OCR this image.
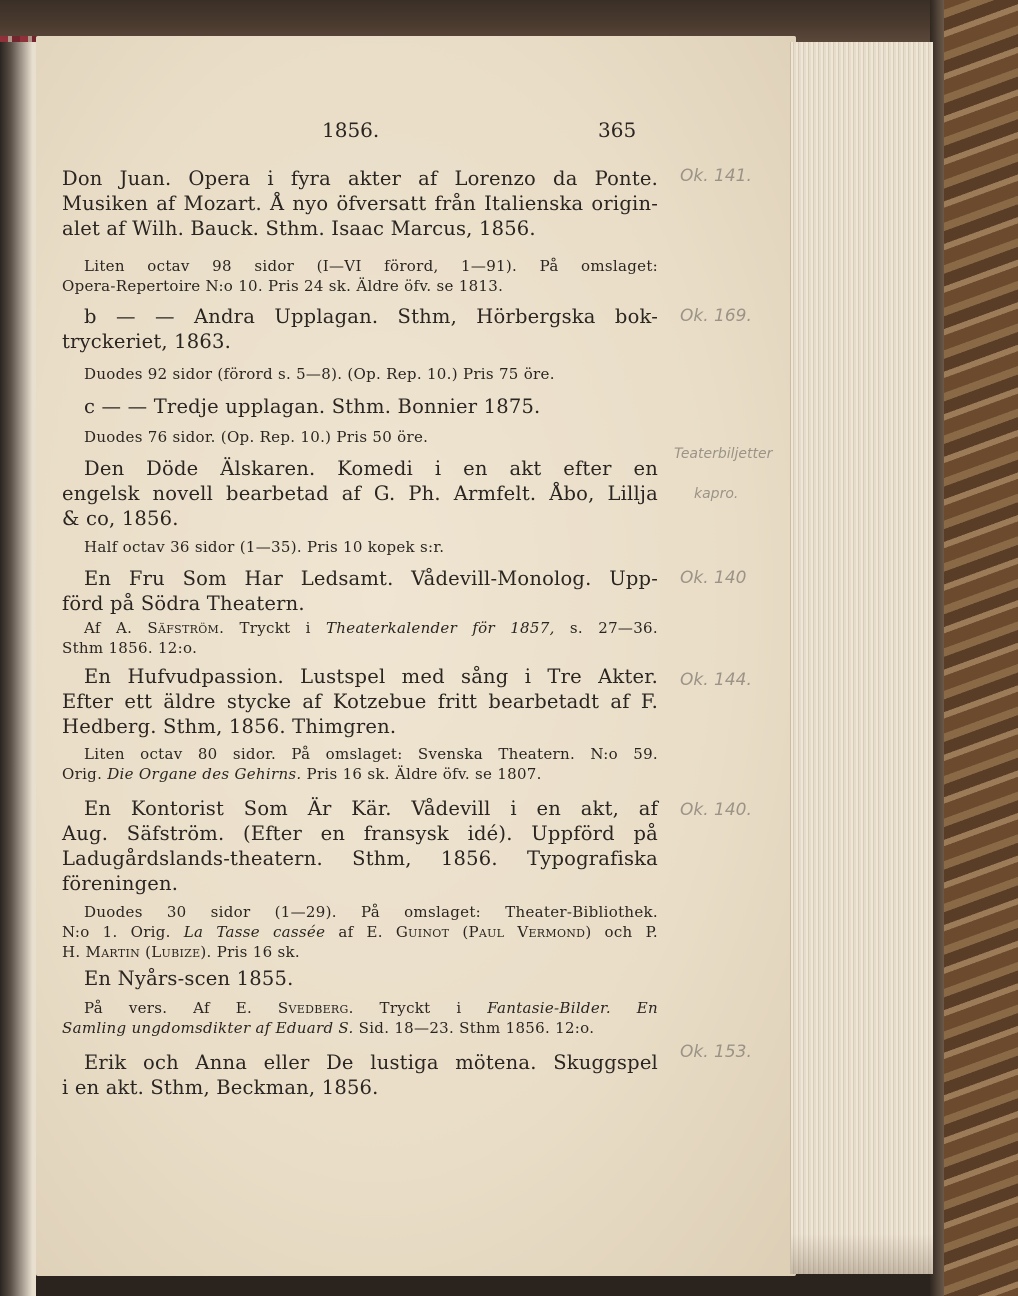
1856.	365
Don Juan. Opera i fyra akter af Lorenzo da Ponte.
Musiken af Mozart. Å nyo öfversatt från Italienska origin-
alet af Wilh. Bauck. Sthm. Isaac Marcus, 1856.
Liten octav 98 sidor (I—VI förord, 1—91). På omslaget:
Opera-Repertoire N:o 10. Pris 24 sk. Äldre öfv. se 1813.
b — — Andra Upplagan. Sthm, Hörbergska bok-
tryckeriet, 1863.
Duodes 92 sidor (förord s. 5—8). (Op. Rep. 10.) Pris 75 öre.
c — — Tredje upplagan. Sthm. Bonnier 1875.
Duodes 76 sidor. (Op. Rep. 10.) Pris 50 öre.
Den Döde Älskaren. Komedi i en akt efter en
engelsk novell bearbetad af G. Ph. Armfelt. Åbo, Lillja
& co, 1856.
Half octav 36 sidor (1—35). Pris 10 kopek s:r.
En Fru Som Har Ledsamt. Vådevill-Monolog. Upp-
förd på Södra Theatern.
Af A. Säfström. Tryckt i Theaterkalender för 1857, s. 27—36.
Sthm 1856. 12:o.
En Hufvudpassion. Lustspel med sång i Tre Akter.
Efter ett äldre stycke af Kotzebue fritt bearbetadt af F.
Hedberg. Sthm, 1856. Thimgren.
Liten octav 80 sidor. På omslaget: Svenska Theatern. N:o 59.
Orig. Die Organe des Gehirns. Pris 16 sk. Äldre öfv. se 1807.
En Kontorist Som Är Kär. Vådevill i en akt, af
Aug. Säfström. (Efter en fransysk idé). Uppförd på
Ladugårdslands-theatern. Sthm, 1856. Typografiska
föreningen.
Duodes 30 sidor (1—29). På omslaget: Theater-Bibliothek.
N:o 1. Orig. La Tasse cassée af E. Guinot (Paul Vermond) och P.
H. Martin (Lubize). Pris 16 sk.
En Nyårs-scen 1855.
På vers. Af E. Svedberg. Tryckt i Fantasie-Bilder. En
Samling ungdomsdikter af Eduard S. Sid. 18—23. Sthm 1856. 12:o.
Erik och Anna eller De lustiga mötena. Skuggspel
i en akt. Sthm, Beckman, 1856.
Ok. 141.
Ok. 169.
Teaterbiljetter
kapro.
Ok. 140
Ok. 144.
Ok. 140.
Ok. 153.
